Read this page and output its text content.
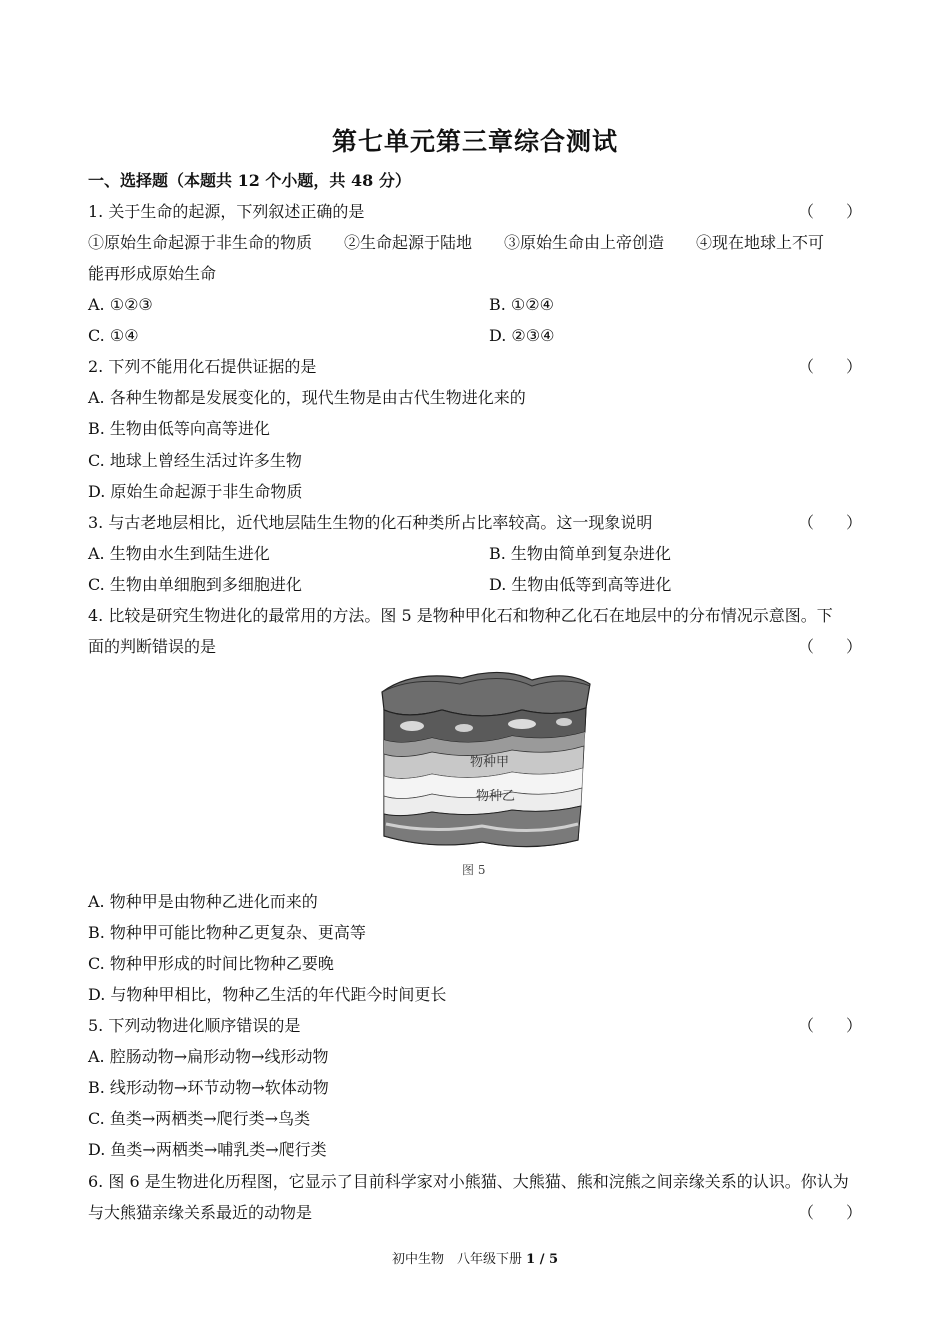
第七单元第三章综合测试
一、选择题（本题共 12 个小题，共 48 分）
1. 关于生命的起源，下列叙述正确的是	（　　）
①原始生命起源于非生命的物质　　②生命起源于陆地　　③原始生命由上帝创造　　④现在地球上不可
能再形成原始生命
A. ①②③	B. ①②④
C. ①④	D. ②③④
2. 下列不能用化石提供证据的是	（　　）
A. 各种生物都是发展变化的，现代生物是由古代生物进化来的
B. 生物由低等向高等进化
C. 地球上曾经生活过许多生物
D. 原始生命起源于非生命物质
3. 与古老地层相比，近代地层陆生生物的化石种类所占比率较高。这一现象说明	（　　）
A. 生物由水生到陆生进化	B. 生物由简单到复杂进化
C. 生物由单细胞到多细胞进化	D. 生物由低等到高等进化
4. 比较是研究生物进化的最常用的方法。图 5 是物种甲化石和物种乙化石在地层中的分布情况示意图。下
面的判断错误的是	（　　）
物种甲
物种乙
图 5
A. 物种甲是由物种乙进化而来的
B. 物种甲可能比物种乙更复杂、更高等
C. 物种甲形成的时间比物种乙要晚
D. 与物种甲相比，物种乙生活的年代距今时间更长
5. 下列动物进化顺序错误的是	（　　）
A. 腔肠动物→扁形动物→线形动物
B. 线形动物→环节动物→软体动物
C. 鱼类→两栖类→爬行类→鸟类
D. 鱼类→两栖类→哺乳类→爬行类
6. 图 6 是生物进化历程图，它显示了目前科学家对小熊猫、大熊猫、熊和浣熊之间亲缘关系的认识。你认为
与大熊猫亲缘关系最近的动物是	（　　）
初中生物　八年级下册 1 / 5
